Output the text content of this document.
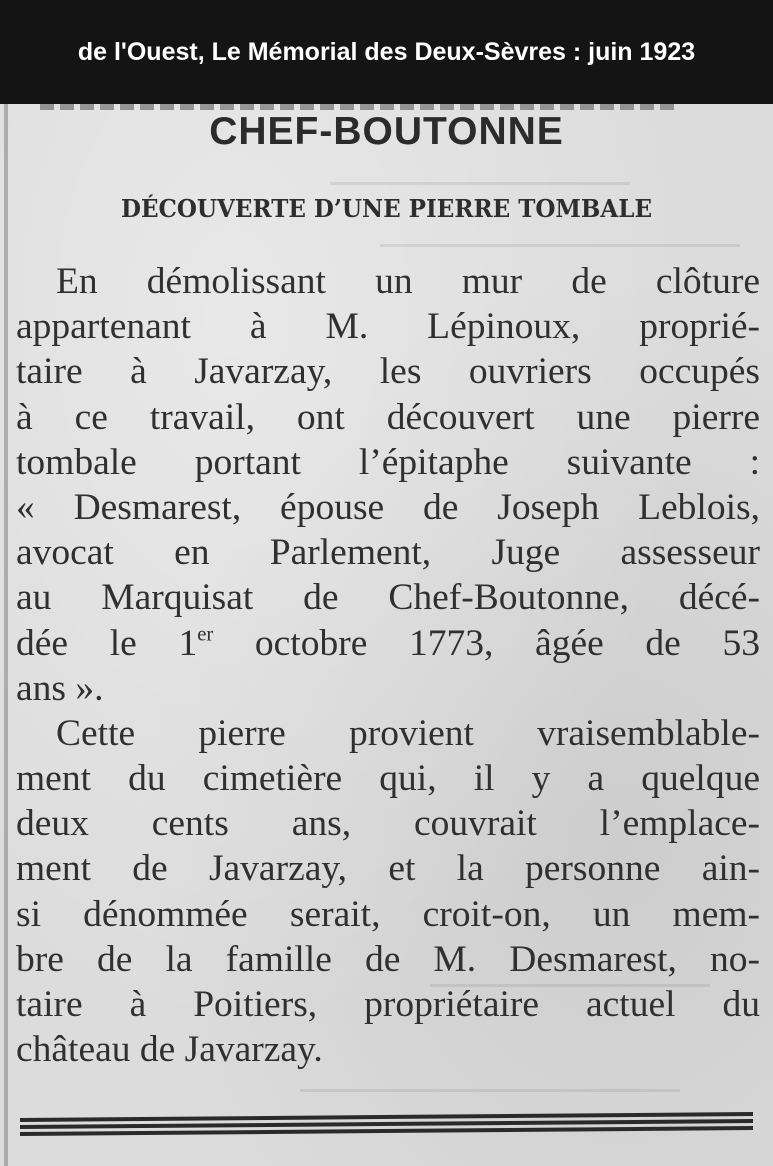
de l'Ouest, Le Mémorial des Deux-Sèvres : juin 1923
CHEF-BOUTONNE
DÉCOUVERTE D’UNE PIERRE TOMBALE
En démolissant un mur de clôture
appartenant à M. Lépinoux, proprié-
taire à Javarzay, les ouvriers occupés
à ce travail, ont découvert une pierre
tombale portant l’épitaphe suivante :
« Desmarest, épouse de Joseph Leblois,
avocat en Parlement, Juge assesseur
au Marquisat de Chef-Boutonne, décé-
dée le 1er octobre 1773, âgée de 53
ans ».
Cette pierre provient vraisemblable-
ment du cimetière qui, il y a quelque
deux cents ans, couvrait l’emplace-
ment de Javarzay, et la personne ain-
si dénommée serait, croit-on, un mem-
bre de la famille de M. Desmarest, no-
taire à Poitiers, propriétaire actuel du
château de Javarzay.
